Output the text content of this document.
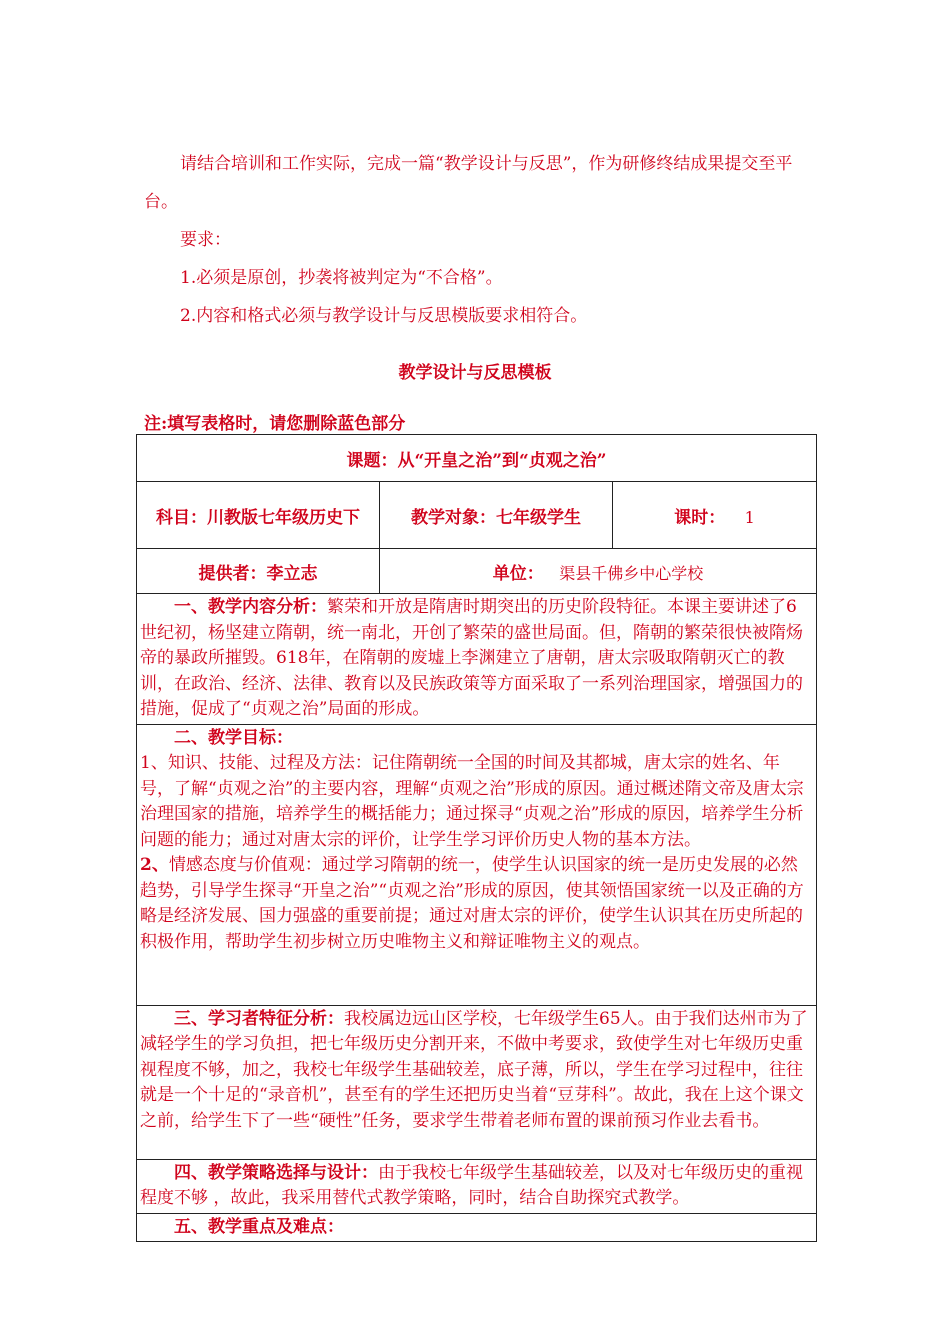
请结合培训和工作实际，完成一篇“教学设计与反思”，作为研修终结成果提交至平台。

要求：

1.必须是原创，抄袭将被判定为“不合格”。

2.内容和格式必须与教学设计与反思模版要求相符合。

教学设计与反思模板
注:填写表格时，请您删除蓝色部分
课题：从“开皇之治”到“贞观之治”		
科目：川教版七年级历史下	教学对象：七年级学生	课时： 1
提供者：李立志	单位： 渠县千佛乡中心学校	

一、教学内容分析：繁荣和开放是隋唐时期突出的历史阶段特征。本课主要讲述了6世纪初，杨坚建立隋朝，统一南北，开创了繁荣的盛世局面。但，隋朝的繁荣很快被隋炀帝的暴政所摧毁。618年，在隋朝的废墟上李渊建立了唐朝，唐太宗吸取隋朝灭亡的教训，在政治、经济、法律、教育以及民族政策等方面采取了一系列治理国家，增强国力的措施，促成了“贞观之治”局面的形成。		

二、教学目标：

1、知识、技能、过程及方法：记住隋朝统一全国的时间及其都城，唐太宗的姓名、年号，了解“贞观之治”的主要内容，理解“贞观之治”形成的原因。通过概述隋文帝及唐太宗治理国家的措施，培养学生的概括能力；通过探寻“贞观之治”形成的原因，培养学生分析问题的能力；通过对唐太宗的评价，让学生学习评价历史人物的基本方法。

2、情感态度与价值观：通过学习隋朝的统一，使学生认识国家的统一是历史发展的必然趋势，引导学生探寻“开皇之治”“贞观之治”形成的原因，使其领悟国家统一以及正确的方略是经济发展、国力强盛的重要前提；通过对唐太宗的评价，使学生认识其在历史所起的积极作用，帮助学生初步树立历史唯物主义和辩证唯物主义的观点。		

三、学习者特征分析：我校属边远山区学校，七年级学生65人。由于我们达州市为了减轻学生的学习负担，把七年级历史分割开来，不做中考要求，致使学生对七年级历史重视程度不够，加之，我校七年级学生基础较差，底子薄，所以，学生在学习过程中，往往就是一个十足的“录音机”，甚至有的学生还把历史当着“豆芽科”。故此，我在上这个课文之前，给学生下了一些“硬性”任务，要求学生带着老师布置的课前预习作业去看书。		

四、教学策略选择与设计：由于我校七年级学生基础较差，以及对七年级历史的重视程度不够 ，故此，我采用替代式教学策略，同时，结合自助探究式教学。		

五、教学重点及难点：		
